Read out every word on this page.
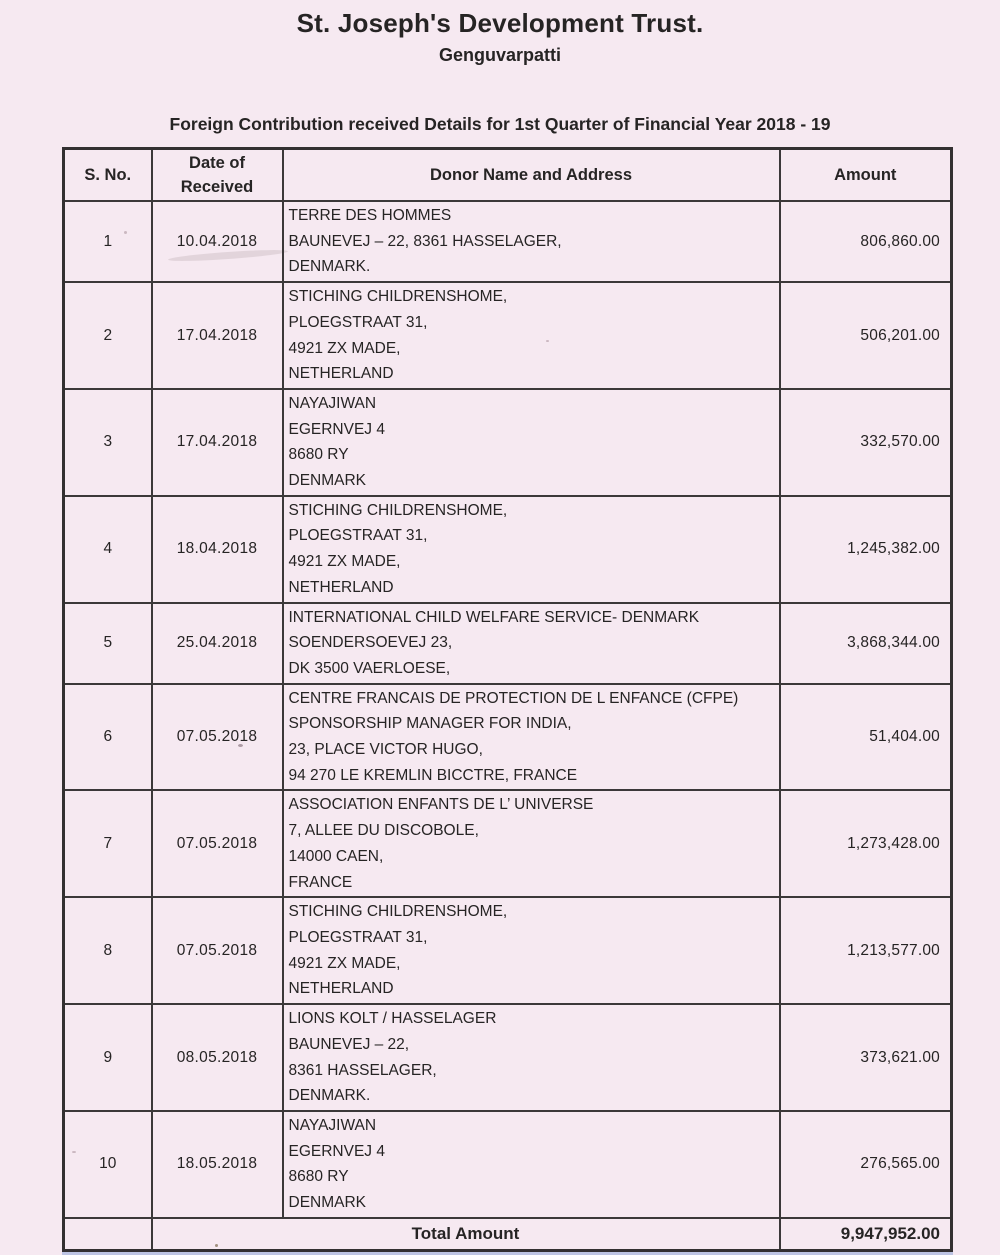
St. Joseph's Development Trust.
Genguvarpatti
Foreign Contribution received Details for 1st Quarter of Financial Year 2018 - 19
S. No.	Date of Received	Donor Name and Address	Amount
1	10.04.2018	TERRE DES HOMMES
BAUNEVEJ – 22, 8361 HASSELAGER,
DENMARK.	806,860.00
2	17.04.2018	STICHING CHILDRENSHOME,
PLOEGSTRAAT 31,
4921 ZX MADE,
NETHERLAND	506,201.00
3	17.04.2018	NAYAJIWAN
EGERNVEJ 4
8680 RY
DENMARK	332,570.00
4	18.04.2018	STICHING CHILDRENSHOME,
PLOEGSTRAAT 31,
4921 ZX MADE,
NETHERLAND	1,245,382.00
5	25.04.2018	INTERNATIONAL CHILD WELFARE SERVICE- DENMARK
SOENDERSOEVEJ 23,
DK 3500 VAERLOESE,	3,868,344.00
6	07.05.2018	CENTRE FRANCAIS DE PROTECTION DE L ENFANCE (CFPE)
SPONSORSHIP MANAGER FOR INDIA,
23, PLACE VICTOR HUGO,
94 270 LE KREMLIN BICCTRE, FRANCE	51,404.00
7	07.05.2018	ASSOCIATION ENFANTS DE L’ UNIVERSE
7, ALLEE DU DISCOBOLE,
14000 CAEN,
FRANCE	1,273,428.00
8	07.05.2018	STICHING CHILDRENSHOME,
PLOEGSTRAAT 31,
4921 ZX MADE,
NETHERLAND	1,213,577.00
9	08.05.2018	LIONS KOLT / HASSELAGER
BAUNEVEJ – 22,
8361 HASSELAGER,
DENMARK.	373,621.00
10	18.05.2018	NAYAJIWAN
EGERNVEJ 4
8680 RY
DENMARK	276,565.00
	Total Amount		9,947,952.00
